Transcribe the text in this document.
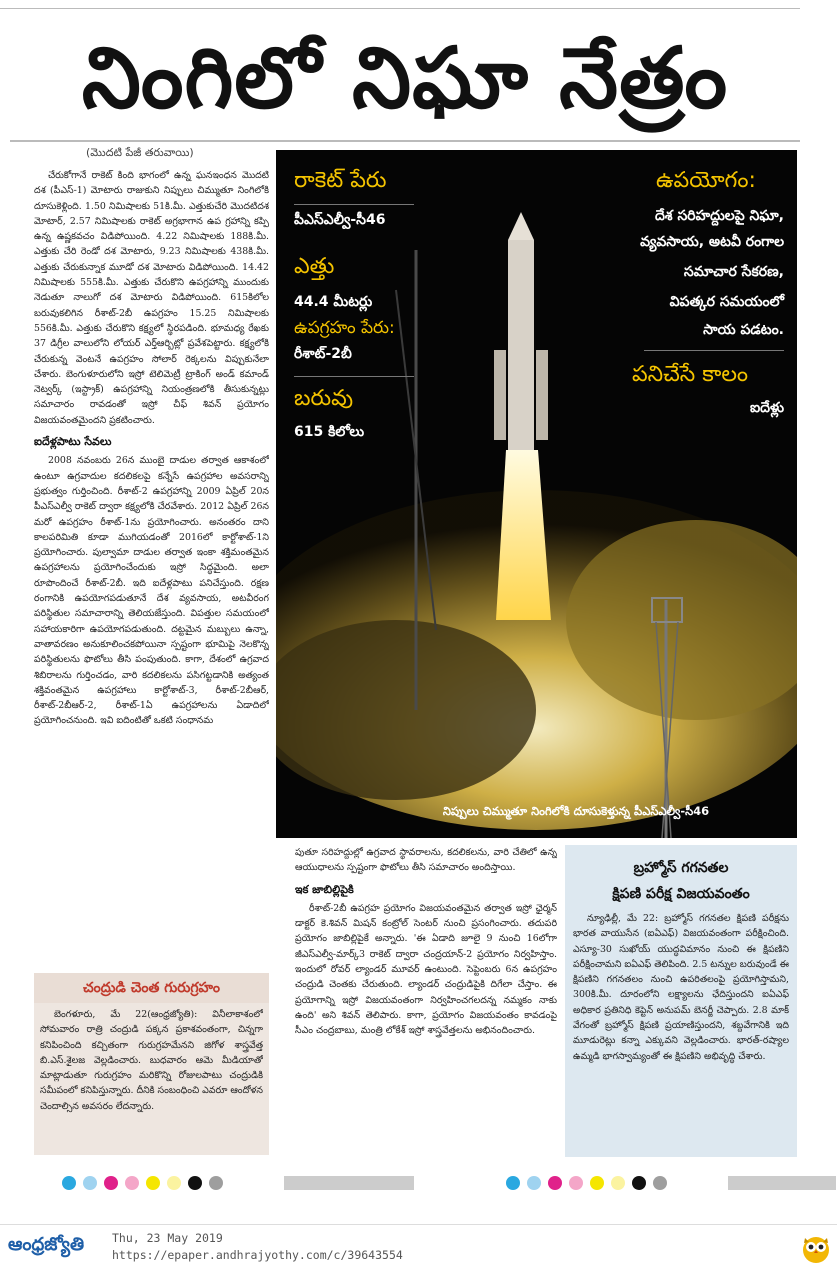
నింగిలో నిఘా నేత్రం
(మొదటి పేజీ తరువాయి)

చేరుకోగానే రాకెట్ కింది భాగంలో ఉన్న ఘనఇంధన మొదటి దశ (పీఎస్-1) మోటారు రాజుకుని నిప్పులు చిమ్ముతూ నింగిలోకి దూసుకెళ్లింది. 1.50 నిమిషాలకు 51కి.మీ. ఎత్తుకుచేరి మొదటిదశ మోటార్, 2.57 నిమిషాలకు రాకెట్ అగ్రభాగాన ఉప గ్రహాన్ని కప్పి ఉన్న ఉష్ణకవచం విడిపోయింది. 4.22 నిమిషాలకు 188కి.మీ. ఎత్తుకు చేరి రెండో దశ మోటారు, 9.23 నిమిషాలకు 438కి.మీ. ఎత్తుకు చేరుకున్నాక మూడో దశ మోటారు విడిపోయింది. 14.42 నిమిషాలకు 555కి.మీ. ఎత్తుకు చేరుకొని ఉపగ్రహాన్ని ముందుకు నెడుతూ నాలుగో దశ మోటారు విడిపోయింది. 615కిలోల బరువుకలిగిన రీశాట్-2బీ ఉపగ్రహం 15.25 నిమిషాలకు 556కి.మీ. ఎత్తుకు చేరుకొని కక్ష్యలో స్థిరపడింది. భూమధ్య రేఖకు 37 డిగ్రీల వాలులోని లోయర్ ఎర్త్ఆర్బిట్లో ప్రవేశపెట్టారు. కక్ష్యలోకి చేరుకున్న వెంటనే ఉపగ్రహం సోలార్ రెక్కలను విప్పుకునేలా చేశారు. బెంగుళూరులోని ఇస్రో టెలిమెట్రీ ట్రాకింగ్ అండ్ కమాండ్ నెట్వర్క్ (ఇస్ట్రాక్) ఉపగ్రహాన్ని నియంత్రణలోకి తీసుకున్నట్లు సమాచారం రావడంతో ఇస్రో చీఫ్ శివన్ ప్రయోగం విజయవంతమైందని ప్రకటించారు.

ఐదేళ్లపాటు సేవలు

2008 నవంబరు 26న ముంబై దాడుల తర్వాత ఆకాశంలో ఉంటూ ఉగ్రవాదుల కదలికలపై కన్నేసే ఉపగ్రహాల అవసరాన్ని ప్రభుత్వం గుర్తించింది. రీశాట్-2 ఉపగ్రహాన్ని 2009 ఏప్రిల్ 20న పీఎస్ఎల్వీ రాకెట్ ద్వారా కక్ష్యలోకి చేరవేశారు. 2012 ఏప్రిల్ 26న మరో ఉపగ్రహం రీశాట్-1ను ప్రయోగించారు. అనంతరం దాని కాలపరిమితి కూడా ముగియడంతో 2016లో కార్టోశాట్-1ని ప్రయోగించారు. పుల్వామా దాడుల తర్వాత ఇంకా శక్తిమంతమైన ఉపగ్రహాలను ప్రయోగించేందుకు ఇస్రో సిద్ధమైంది. అలా రూపొందించే రీశాట్-2బీ. ఇది ఐదేళ్లపాటు పనిచేస్తుంది. రక్షణ రంగానికి ఉపయోగపడుతూనే దేశ వ్యవసాయ, అటవీరంగ పరిస్థితుల సమాచారాన్ని తెలియజేస్తుంది. విపత్తుల సమయంలో సహాయకారిగా ఉపయోగపడుతుంది. దట్టమైన మబ్బులు ఉన్నా, వాతావరణం అనుకూలించకపోయినా స్పష్టంగా భూమిపై నెలకొన్న పరిస్థితులను ఫొటోలు తీసి పంపుతుంది. కాగా, దేశంలో ఉగ్రవాద శిబిరాలను గుర్తించడం, వారి కదలికలను పసిగట్టడానికి అత్యంత శక్తివంతమైన ఉపగ్రహాలు కార్టోశాట్-3, రీశాట్-2బీఆర్, రీశాట్-2బీఆర్-2, రీశాట్-1ఏ ఉపగ్రహాలను ఏడాదిలో ప్రయోగించనుంది. ఇవి ఐదింటితో ఒకటి సంధానమ

చంద్రుడి చెంత గురుగ్రహం

బెంగళూరు, మే 22(ఆంధ్రజ్యోతి): వినీలాకాశంలో సోమవారం రాత్రి చంద్రుడి పక్కన ప్రకాశవంతంగా, చిన్నగా కనిపించింది కచ్చితంగా గురుగ్రహమేనని జిగోళ శాస్త్రవేత్త బి.ఎస్.శైలజ వెల్లడించారు. బుధవారం ఆమె మీడియాతో మాట్లాడుతూ గురుగ్రహం మరికొన్ని రోజులపాటు చంద్రుడికి సమీపంలో కనిపిస్తున్నారు. దీనికి సంబంధించి ఎవరూ ఆందోళన చెందాల్సిన అవసరం లేదన్నారు.

రాకెట్ పేరు
పీఎస్ఎల్వీ-సీ46
ఎత్తు
44.4 మీటర్లు
ఉపగ్రహం పేరు:
రీశాట్-2బీ
బరువు
615 కిలోలు
ఉపయోగం:
దేశ సరిహద్దులపై నిఘా,
వ్యవసాయ, అటవీ రంగాల
సమాచార సేకరణ,
విపత్కర సమయంలో
సాయ పడటం.
పనిచేసే కాలం
ఐదేళ్లు
నిప్పులు చిమ్ముతూ నింగిలోకి దూసుకెళ్తున్న పీఎస్ఎల్వీ-సీ46

పుతూ సరిహద్దుల్లో ఉగ్రవాద స్థావరాలను, కదలికలను, వారి చేతిలో ఉన్న ఆయుధాలను స్పష్టంగా ఫొటోలు తీసి సమాచారం అందిస్తాయి.

ఇక జాబిల్లిపైకి

రీశాట్-2బీ ఉపగ్రహ ప్రయోగం విజయవంతమైన తర్వాత ఇస్రో ఛైర్మన్ డాక్టర్ కె.శివన్ మిషన్ కంట్రోల్ సెంటర్ నుంచి ప్రసంగించారు. తదుపరి ప్రయోగం జాబిల్లిపైకే అన్నారు. 'ఈ ఏడాది జూలై 9 నుంచి 16లోగా జీఎస్ఎల్వీ-మార్క్3 రాకెట్ ద్వారా చంద్రయాన్-2 ప్రయోగం నిర్వహిస్తాం. ఇందులో రోవర్ ల్యాండర్ మూవర్ ఉంటుంది. సెప్టెంబరు 6న ఉపగ్రహం చంద్రుడి చెంతకు చేరుతుంది. ల్యాండర్ చంద్రుడిపైకి దిగేలా చేస్తాం. ఈ ప్రయోగాన్ని ఇస్రో విజయవంతంగా నిర్వహించగలదన్న నమ్మకం నాకు ఉంది' అని శివన్ తెలిపారు. కాగా, ప్రయోగం విజయవంతం కావడంపై సీఎం చంద్రబాబు, మంత్రి లోకేశ్ ఇస్రో శాస్త్రవేత్తలను అభినందించారు.

బ్రహ్మోస్ గగనతల
క్షిపణి పరీక్ష విజయవంతం

న్యూఢిల్లీ, మే 22: బ్రహ్మోస్ గగనతల క్షిపణి పరీక్షను భారత వాయుసేన (ఐఏఎఫ్) విజయవంతంగా పరీక్షించింది. ఎస్యూ-30 సుఖోయ్ యుద్ధవిమానం నుంచి ఈ క్షిపణిని పరీక్షించామని ఐఏఎఫ్ తెలిపింది. 2.5 టన్నుల బరువుండే ఈ క్షిపణిని గగనతలం నుంచి ఉపరితలంపై ప్రయోగిస్తామని, 300కి.మీ. దూరంలోని లక్ష్యాలను ఛేదిస్తుందని ఐఏఎఫ్ అధికార ప్రతినిధి కెప్టెన్ అనుపమ్ బెనర్జీ చెప్పారు. 2.8 మాక్ వేగంతో బ్రహ్మోస్ క్షిపణి ప్రయాణిస్తుందని, శబ్దవేగానికి ఇది మూడురెట్లు కన్నా ఎక్కువని వెల్లడించారు. భారత్-రష్యాల ఉమ్మడి భాగస్వామ్యంతో ఈ క్షిపణిని అభివృద్ధి చేశారు.

ఆంధ్రజ్యోతి Thu, 23 May 2019
https://epaper.andhrajyothy.com/c/39643554
